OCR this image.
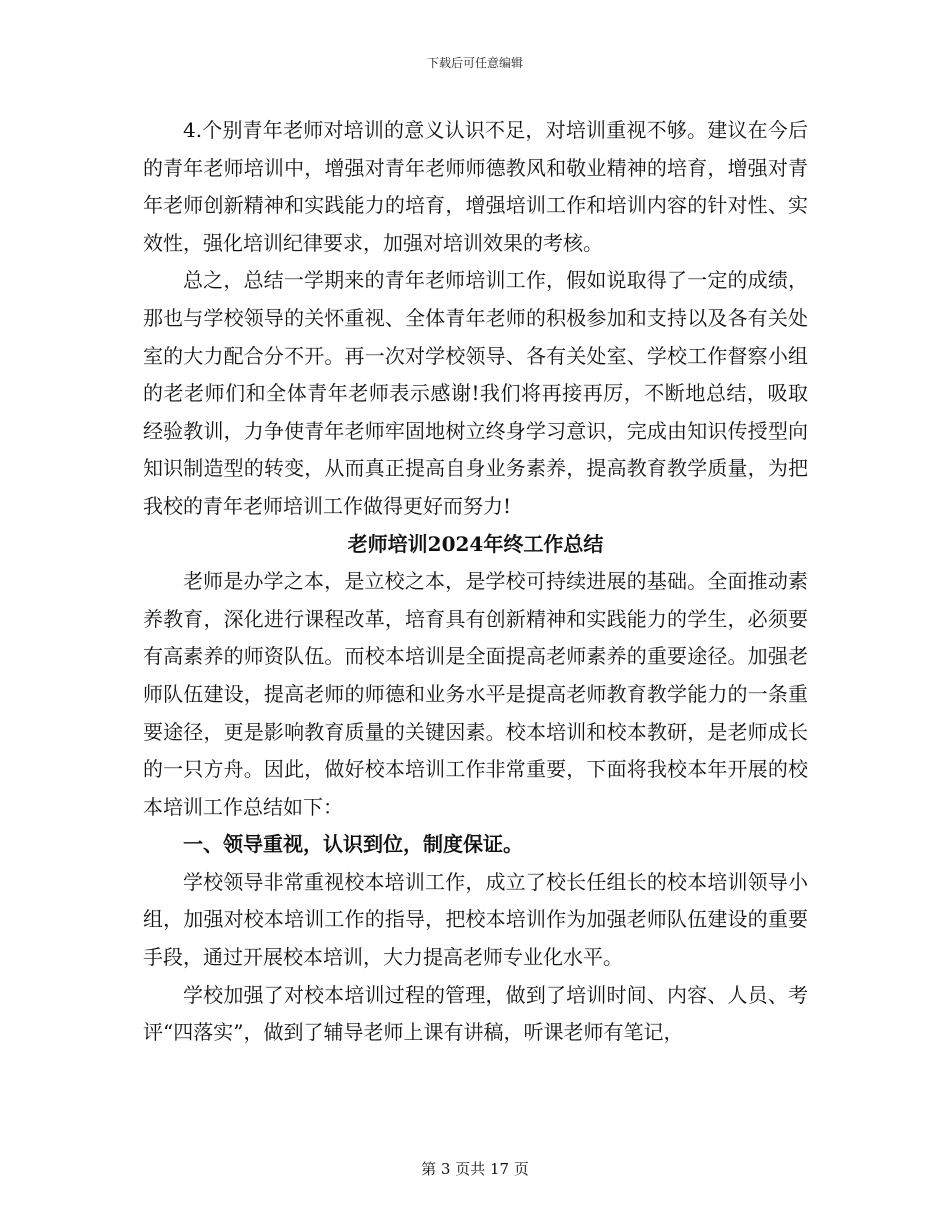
下载后可任意编辑

4.个别青年老师对培训的意义认识不足，对培训重视不够。建议在今后的青年老师培训中，增强对青年老师师德教风和敬业精神的培育，增强对青年老师创新精神和实践能力的培育，增强培训工作和培训内容的针对性、实效性，强化培训纪律要求，加强对培训效果的考核。

总之，总结一学期来的青年老师培训工作，假如说取得了一定的成绩，那也与学校领导的关怀重视、全体青年老师的积极参加和支持以及各有关处室的大力配合分不开。再一次对学校领导、各有关处室、学校工作督察小组的老老师们和全体青年老师表示感谢!我们将再接再厉，不断地总结，吸取经验教训，力争使青年老师牢固地树立终身学习意识，完成由知识传授型向知识制造型的转变，从而真正提高自身业务素养，提高教育教学质量，为把我校的青年老师培训工作做得更好而努力!

老师培训2024年终工作总结

老师是办学之本，是立校之本，是学校可持续进展的基础。全面推动素养教育，深化进行课程改革，培育具有创新精神和实践能力的学生，必须要有高素养的师资队伍。而校本培训是全面提高老师素养的重要途径。加强老师队伍建设，提高老师的师德和业务水平是提高老师教育教学能力的一条重要途径，更是影响教育质量的关键因素。校本培训和校本教研，是老师成长的一只方舟。因此，做好校本培训工作非常重要，下面将我校本年开展的校本培训工作总结如下：

一、领导重视，认识到位，制度保证。

学校领导非常重视校本培训工作，成立了校长任组长的校本培训领导小组，加强对校本培训工作的指导，把校本培训作为加强老师队伍建设的重要手段，通过开展校本培训，大力提高老师专业化水平。

学校加强了对校本培训过程的管理，做到了培训时间、内容、人员、考评“四落实”，做到了辅导老师上课有讲稿，听课老师有笔记，

第 3 页共 17 页
